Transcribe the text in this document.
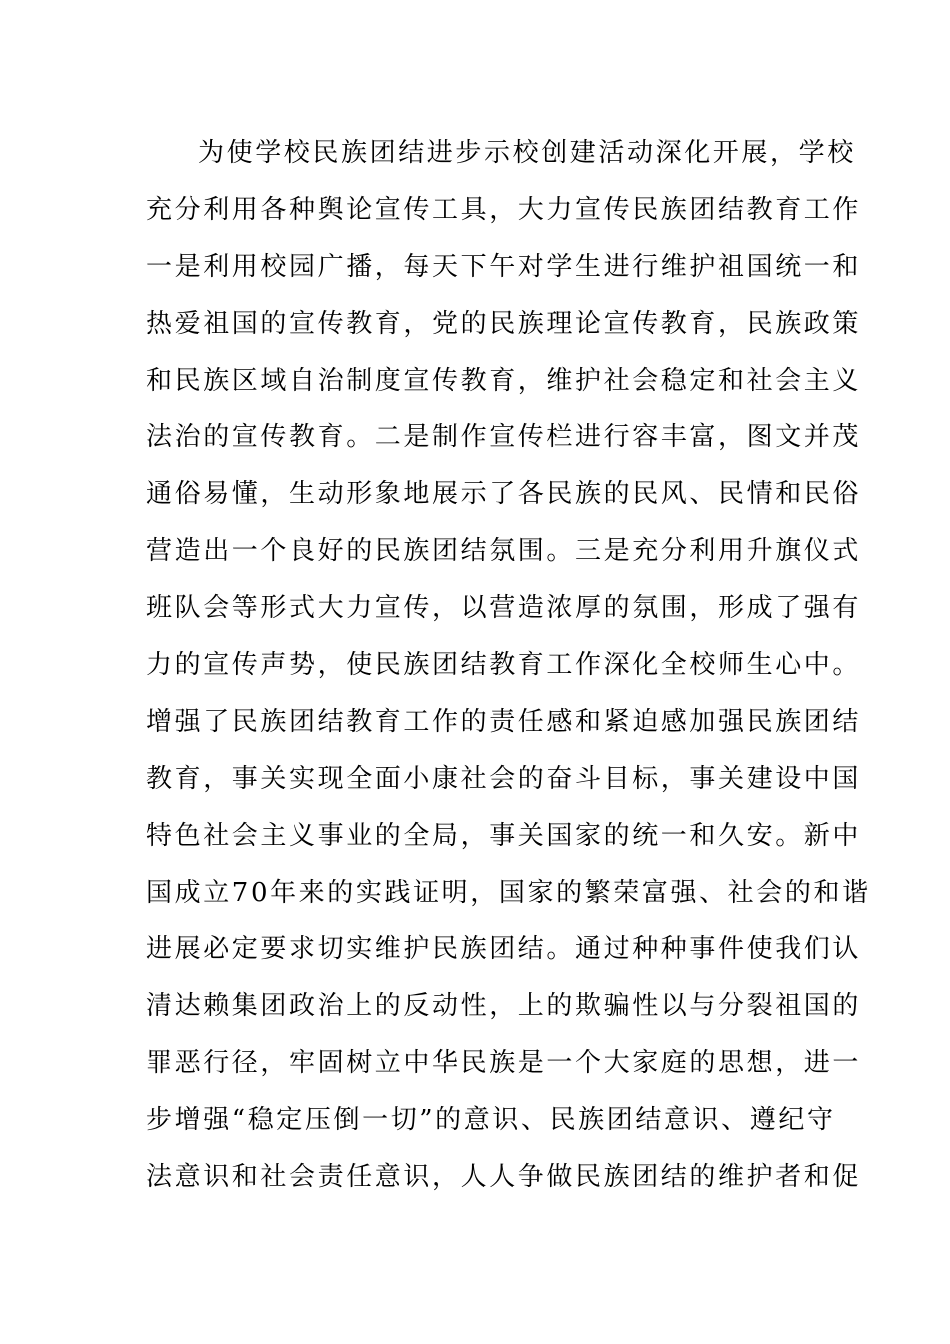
为使学校民族团结进步示校创建活动深化开展，学校
充分利用各种舆论宣传工具，大力宣传民族团结教育工作
一是利用校园广播，每天下午对学生进行维护祖国统一和
热爱祖国的宣传教育，党的民族理论宣传教育，民族政策
和民族区域自治制度宣传教育，维护社会稳定和社会主义
法治的宣传教育。二是制作宣传栏进行容丰富，图文并茂
通俗易懂，生动形象地展示了各民族的民风、民情和民俗
营造出一个良好的民族团结氛围。三是充分利用升旗仪式
班队会等形式大力宣传，以营造浓厚的氛围，形成了强有
力的宣传声势，使民族团结教育工作深化全校师生心中。
增强了民族团结教育工作的责任感和紧迫感加强民族团结
教育，事关实现全面小康社会的奋斗目标，事关建设中国
特色社会主义事业的全局，事关国家的统一和久安。新中
国成立70年来的实践证明，国家的繁荣富强、社会的和谐
进展必定要求切实维护民族团结。通过种种事件使我们认
清达赖集团政治上的反动性，上的欺骗性以与分裂祖国的
罪恶行径，牢固树立中华民族是一个大家庭的思想，进一
步增强“稳定压倒一切”的意识、民族团结意识、遵纪守
法意识和社会责任意识，人人争做民族团结的维护者和促
